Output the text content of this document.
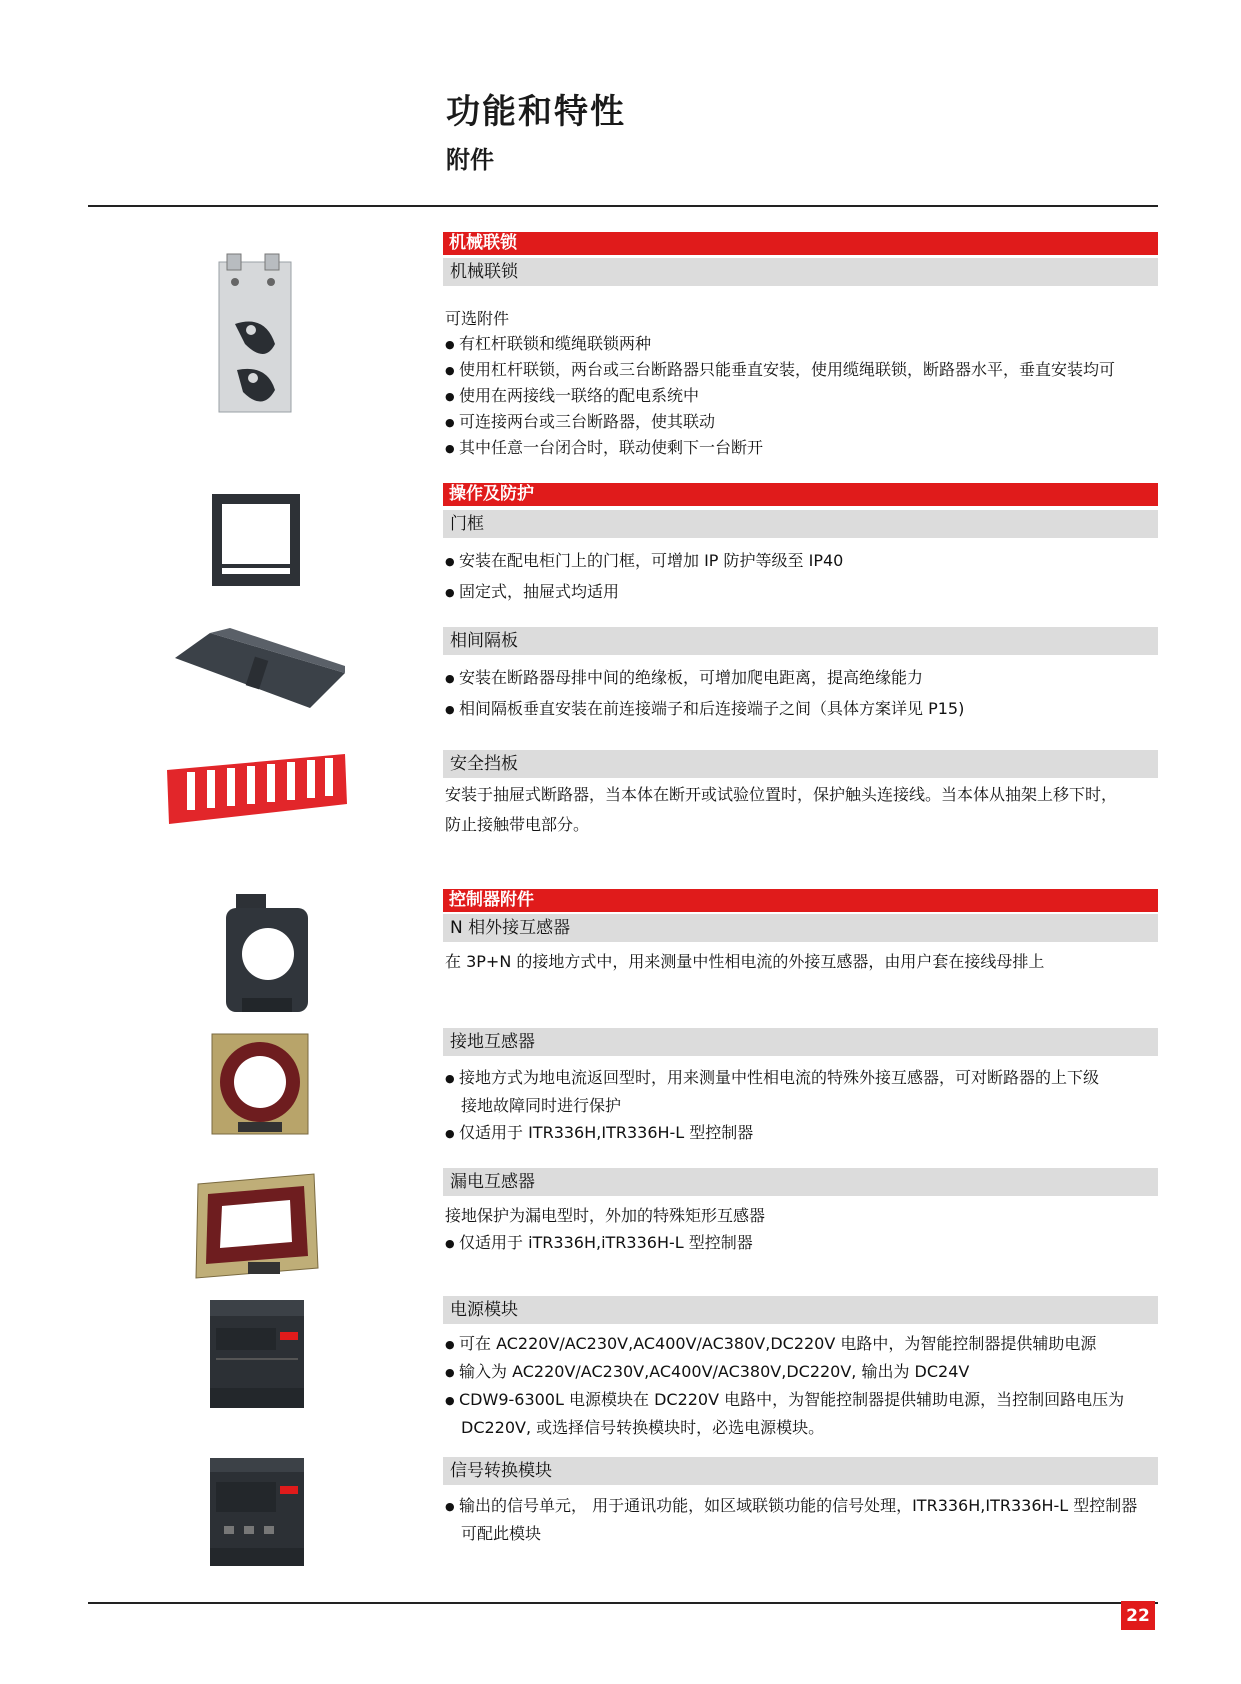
功能和特性
附件
机械联锁
机械联锁
可选附件
● 有杠杆联锁和缆绳联锁两种
● 使用杠杆联锁，两台或三台断路器只能垂直安装，使用缆绳联锁，断路器水平，垂直安装均可
● 使用在两接线一联络的配电系统中
● 可连接两台或三台断路器，使其联动
● 其中任意一台闭合时，联动使剩下一台断开
操作及防护
门框
● 安装在配电柜门上的门框，可增加 IP 防护等级至 IP40
● 固定式，抽屉式均适用
相间隔板
● 安装在断路器母排中间的绝缘板，可增加爬电距离，提高绝缘能力
● 相间隔板垂直安装在前连接端子和后连接端子之间（具体方案详见 P15)
安全挡板
安装于抽屉式断路器，当本体在断开或试验位置时，保护触头连接线。当本体从抽架上移下时，
防止接触带电部分。
控制器附件
N 相外接互感器
在 3P+N 的接地方式中，用来测量中性相电流的外接互感器，由用户套在接线母排上
接地互感器
● 接地方式为地电流返回型时，用来测量中性相电流的特殊外接互感器，可对断路器的上下级
接地故障同时进行保护
● 仅适用于 ITR336H,ITR336H-L 型控制器
漏电互感器
接地保护为漏电型时，外加的特殊矩形互感器
● 仅适用于 iTR336H,iTR336H-L 型控制器
电源模块
● 可在 AC220V/AC230V,AC400V/AC380V,DC220V 电路中，为智能控制器提供辅助电源
● 输入为 AC220V/AC230V,AC400V/AC380V,DC220V, 输出为 DC24V
● CDW9-6300L 电源模块在 DC220V 电路中，为智能控制器提供辅助电源，当控制回路电压为
DC220V, 或选择信号转换模块时，必选电源模块。
信号转换模块
● 输出的信号单元， 用于通讯功能，如区域联锁功能的信号处理，ITR336H,ITR336H-L 型控制器
可配此模块
22
